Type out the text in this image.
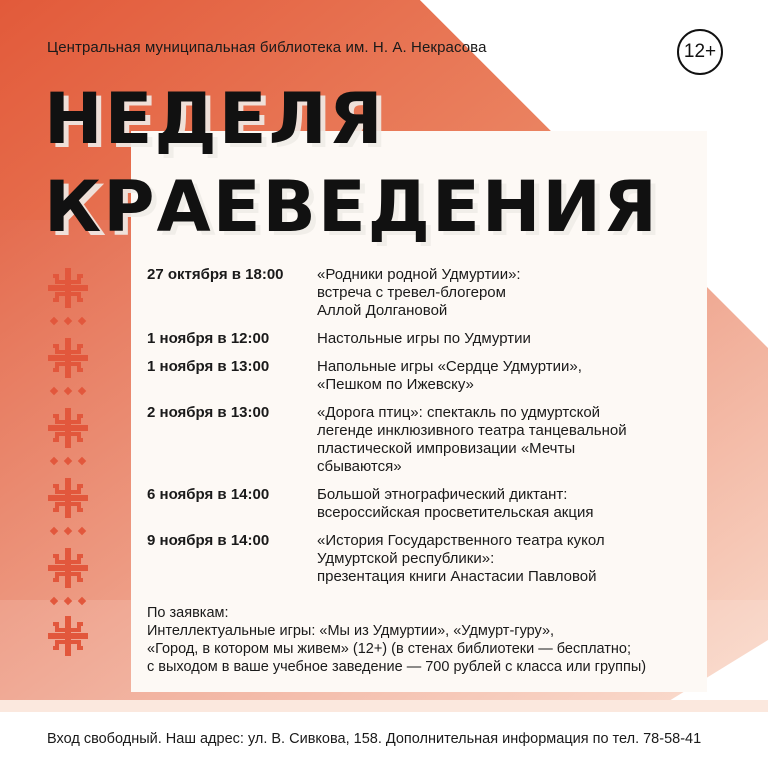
Центральная муниципальная библиотека им. Н. А. Некрасова	12+
НЕДЕЛЯ
КРАЕВЕДЕНИЯ
27 октября в 18:00	«Родники родной Удмуртии»:
встреча с тревел-блогером
Аллой Долгановой
1 ноября в 12:00	Настольные игры по Удмуртии
1 ноября в 13:00	Напольные игры «Сердце Удмуртии»,
«Пешком по Ижевску»
2 ноября в 13:00	«Дорога птиц»: спектакль по удмуртской
легенде инклюзивного театра танцевальной
пластической импровизации «Мечты
сбываются»
6 ноября в 14:00	Большой этнографический диктант:
всероссийская просветительская акция
9 ноября в 14:00	«История Государственного театра кукол
Удмуртской республики»:
презентация книги Анастасии Павловой
По заявкам:
Интеллектуальные игры: «Мы из Удмуртии», «Удмурт-гуру»,
«Город, в котором мы живем» (12+) (в стенах библиотеки — бесплатно;
с выходом в ваше учебное заведение — 700 рублей с класса или группы)
Вход свободный. Наш адрес: ул. В. Сивкова, 158. Дополнительная информация по тел. 78-58-41
